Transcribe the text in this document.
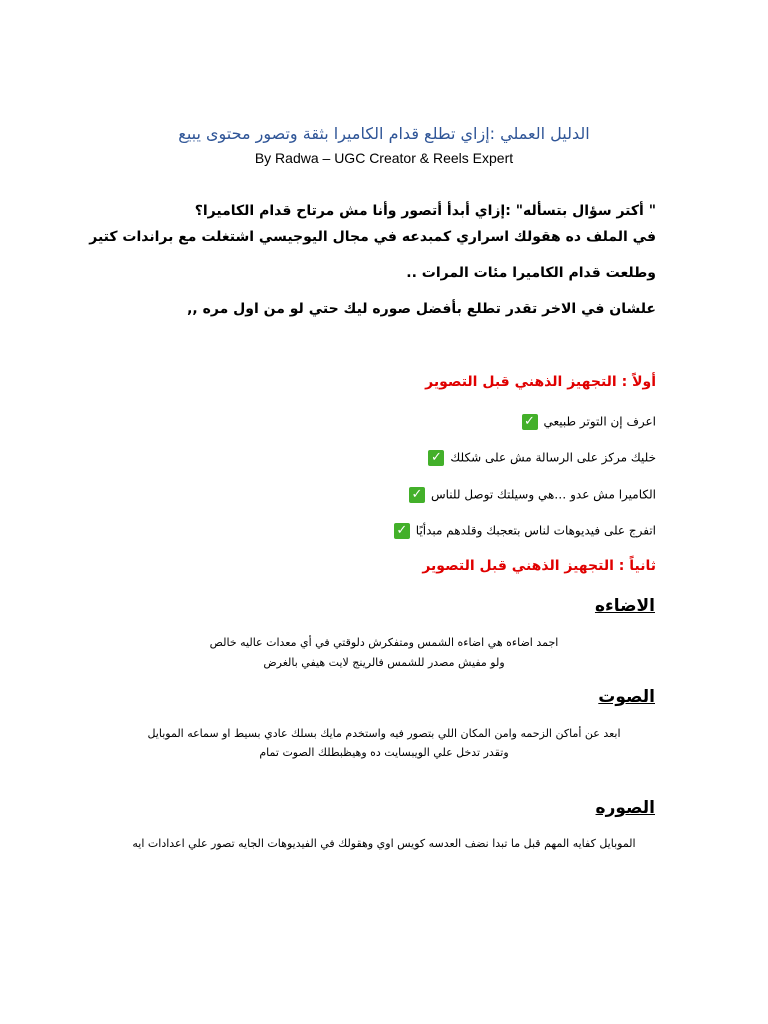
الدليل العملي :إزاي تطلع قدام الكاميرا بثقة وتصور محتوى يبيع
By Radwa – UGC Creator & Reels Expert
" أكتر سؤال بتسأله" :إزاي أبدأ أتصور وأنا مش مرتاح قدام الكاميرا؟
في الملف ده هقولك اسراري كمبدعه في مجال اليوجيسي اشتغلت مع براندات كتير
وطلعت قدام الكاميرا مئات المرات ..
علشان في الاخر تقدر تطلع بأفضل صوره ليك حتي لو من اول مره ,,
أولاً : التجهيز الذهني قبل التصوير
اعرف إن التوتر طبيعي✓
خليك مركز على الرسالة مش على شكلك✓
الكاميرا مش عدو …هي وسيلتك توصل للناس✓
اتفرج على فيديوهات لناس بتعجبك وقلدهم مبدأيًا✓
ثانياً : التجهيز الذهني قبل التصوير
الاضاءه
اجمد اضاءه هي اضاءه الشمس ومتفكرش دلوقتي في أي معدات عاليه خالص
ولو مفيش مصدر للشمس فالرينج لايت هيفي بالغرض
الصوت
ابعد عن أماكن الزحمه وامن المكان اللي بتصور فيه واستخدم مايك بسلك عادي بسيط او سماعه الموبايل
وتقدر تدخل علي الويبسايت ده وهيظبطلك الصوت تمام
الصوره
الموبايل كفايه المهم قبل ما تبدا نضف العدسه كويس اوي وهقولك في الفيديوهات الجايه تصور علي اعدادات ايه
